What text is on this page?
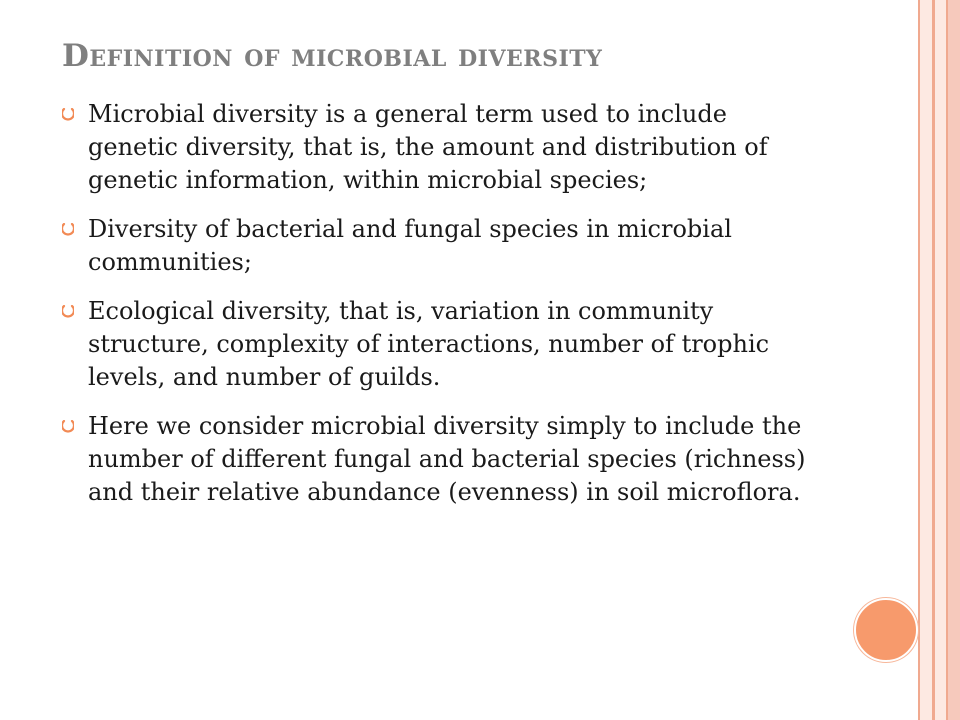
Definition of microbial diversity
Microbial diversity is a general term used to include genetic diversity, that is, the amount and distribution of genetic information, within microbial species;
Diversity of bacterial and fungal species in microbial communities;
Ecological diversity, that is, variation in community structure, complexity of interactions, number of trophic levels, and number of guilds.
Here we consider microbial diversity simply to include the number of different fungal and bacterial species (richness) and their relative abundance (evenness) in soil microflora.
